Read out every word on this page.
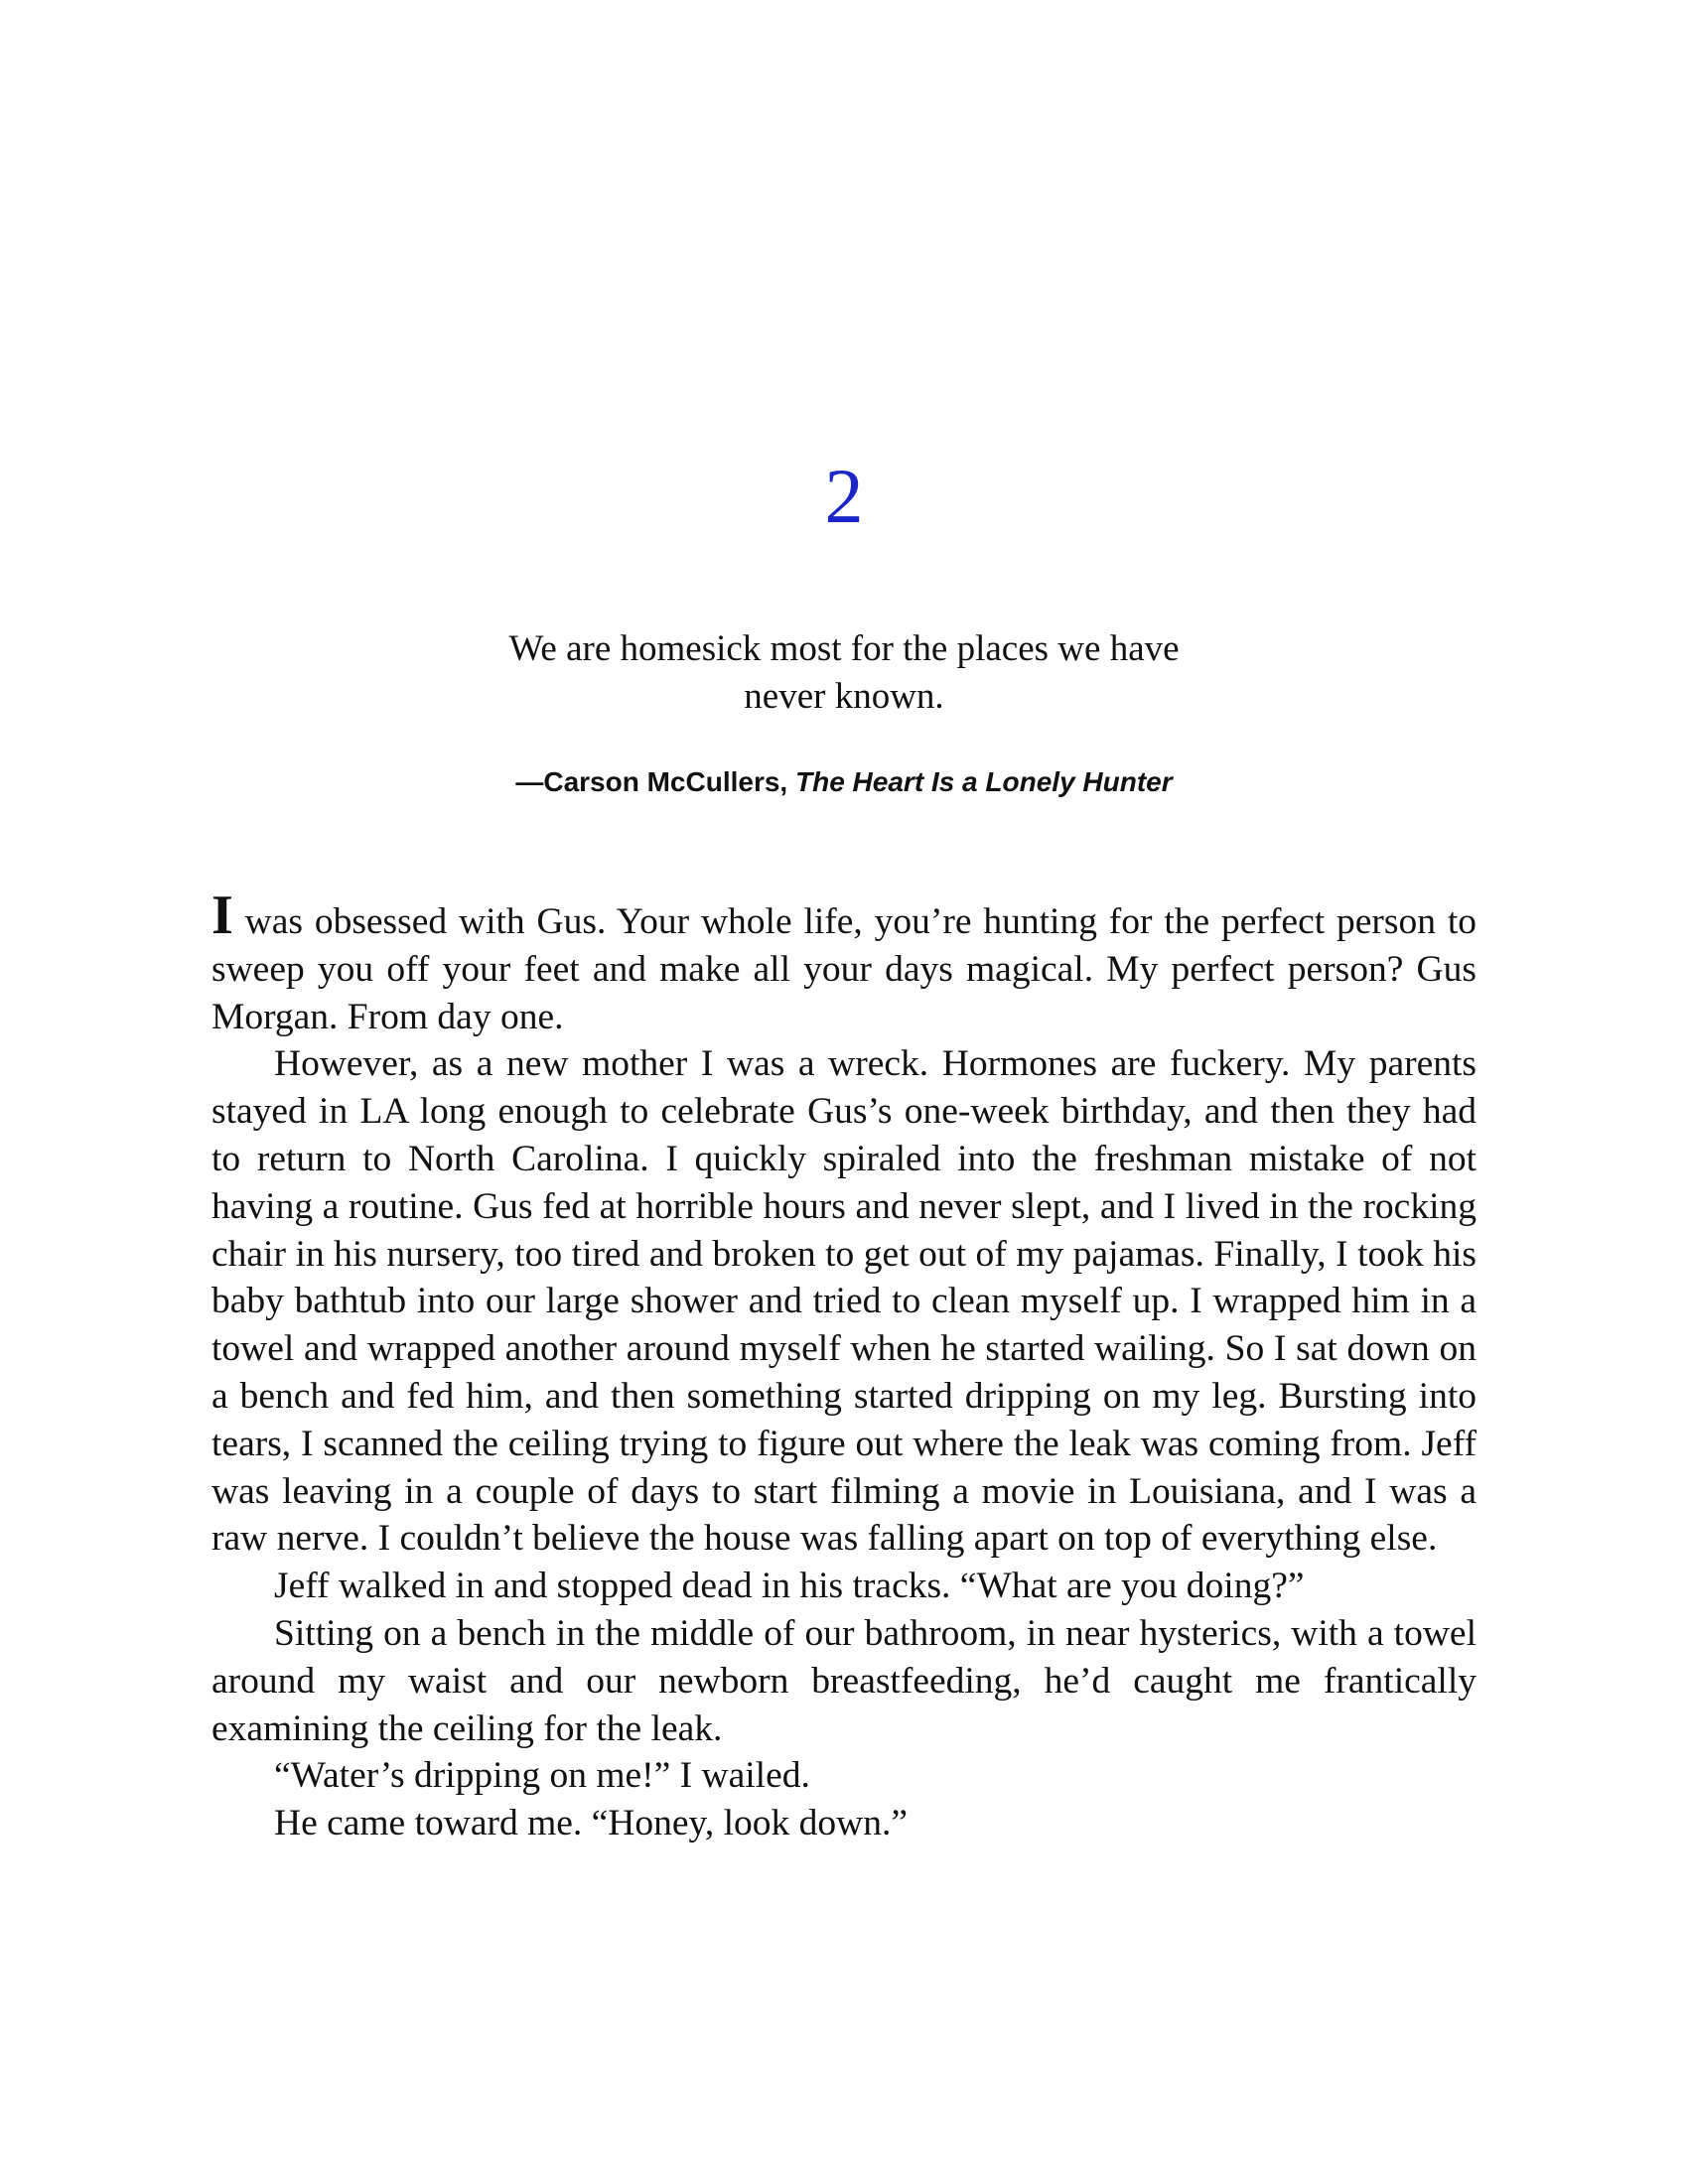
2
We are homesick most for the places we have
never known.
—Carson McCullers, The Heart Is a Lonely Hunter

I was obsessed with Gus. Your whole life, you’re hunting for the perfect person to sweep you off your feet and make all your days magical. My perfect person? Gus Morgan. From day one.

However, as a new mother I was a wreck. Hormones are fuckery. My parents stayed in LA long enough to celebrate Gus’s one-week birthday, and then they had to return to North Carolina. I quickly spiraled into the freshman mistake of not having a routine. Gus fed at horrible hours and never slept, and I lived in the rocking chair in his nursery, too tired and broken to get out of my pajamas. Finally, I took his baby bathtub into our large shower and tried to clean myself up. I wrapped him in a towel and wrapped another around myself when he started wailing. So I sat down on a bench and fed him, and then something started dripping on my leg. Bursting into tears, I scanned the ceiling trying to figure out where the leak was coming from. Jeff was leaving in a couple of days to start filming a movie in Louisiana, and I was a raw nerve. I couldn’t believe the house was falling apart on top of everything else.

Jeff walked in and stopped dead in his tracks. “What are you doing?”

Sitting on a bench in the middle of our bathroom, in near hysterics, with a towel around my waist and our newborn breastfeeding, he’d caught me frantically examining the ceiling for the leak.

“Water’s dripping on me!” I wailed.

He came toward me. “Honey, look down.”
